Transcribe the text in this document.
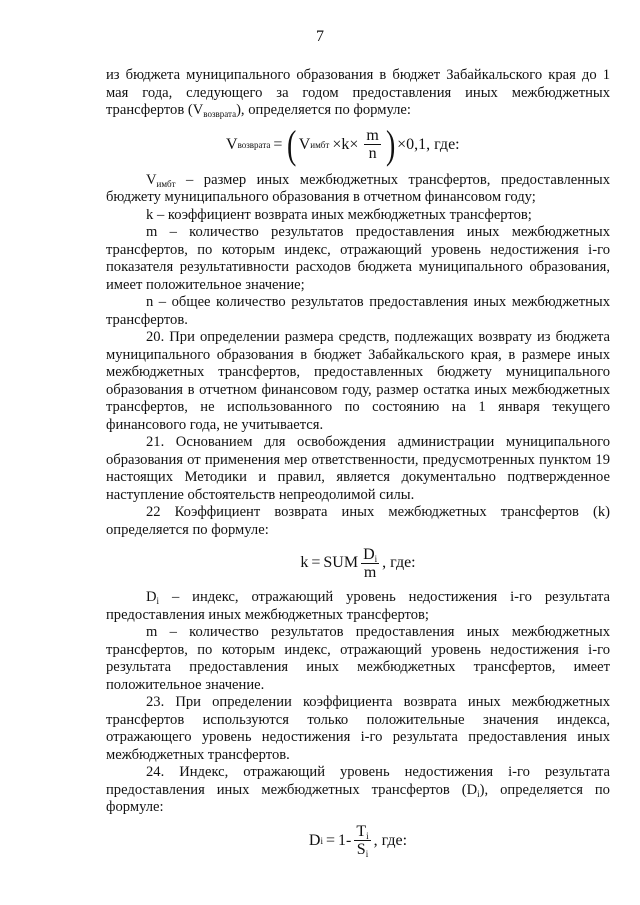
7

из бюджета муниципального образования в бюджет Забайкальского края до 1 мая года, следующего за годом предоставления иных межбюджетных трансфертов $(V_{возврата})$, определяется по формуле:

V возврата = ( V имбт $\times k\times \frac{m}{n}$ ) ×0,1, где:

$V_{имбт}$ – размер иных межбюджетных трансфертов, предоставленных бюджету муниципального образования в отчетном финансовом году;

k – коэффициент возврата иных межбюджетных трансфертов;

m – количество результатов предоставления иных межбюджетных трансфертов, по которым индекс, отражающий уровень недостижения i-го показателя результативности расходов бюджета муниципального образования, имеет положительное значение;

n – общее количество результатов предоставления иных межбюджетных трансфертов.

20. При определении размера средств, подлежащих возврату из бюджета муниципального образования в бюджет Забайкальского края, в размере иных межбюджетных трансфертов, предоставленных бюджету муниципального образования в отчетном финансовом году, размер остатка иных межбюджетных трансфертов, не использованного по состоянию на 1 января текущего финансового года, не учитывается.

21. Основанием для освобождения администрации муниципального образования от применения мер ответственности, предусмотренных пунктом 19 настоящих Методики и правил, является документально подтвержденное наступление обстоятельств непреодолимой силы.

22 Коэффициент возврата иных межбюджетных трансфертов (k) определяется по формуле:

k = SUM $\frac{D_i}{m}$ , где:

$D_i$ – индекс, отражающий уровень недостижения i-го результата предоставления иных межбюджетных трансфертов;

m – количество результатов предоставления иных межбюджетных трансфертов, по которым индекс, отражающий уровень недостижения i-го результата предоставления иных межбюджетных трансфертов, имеет положительное значение.

23. При определении коэффициента возврата иных межбюджетных трансфертов используются только положительные значения индекса, отражающего уровень недостижения i-го результата предоставления иных межбюджетных трансфертов.

24. Индекс, отражающий уровень недостижения i-го результата предоставления иных межбюджетных трансфертов $(D_i)$, определяется по формуле:

D $i = 1- \frac{T_i}{S_i}$ , где:
